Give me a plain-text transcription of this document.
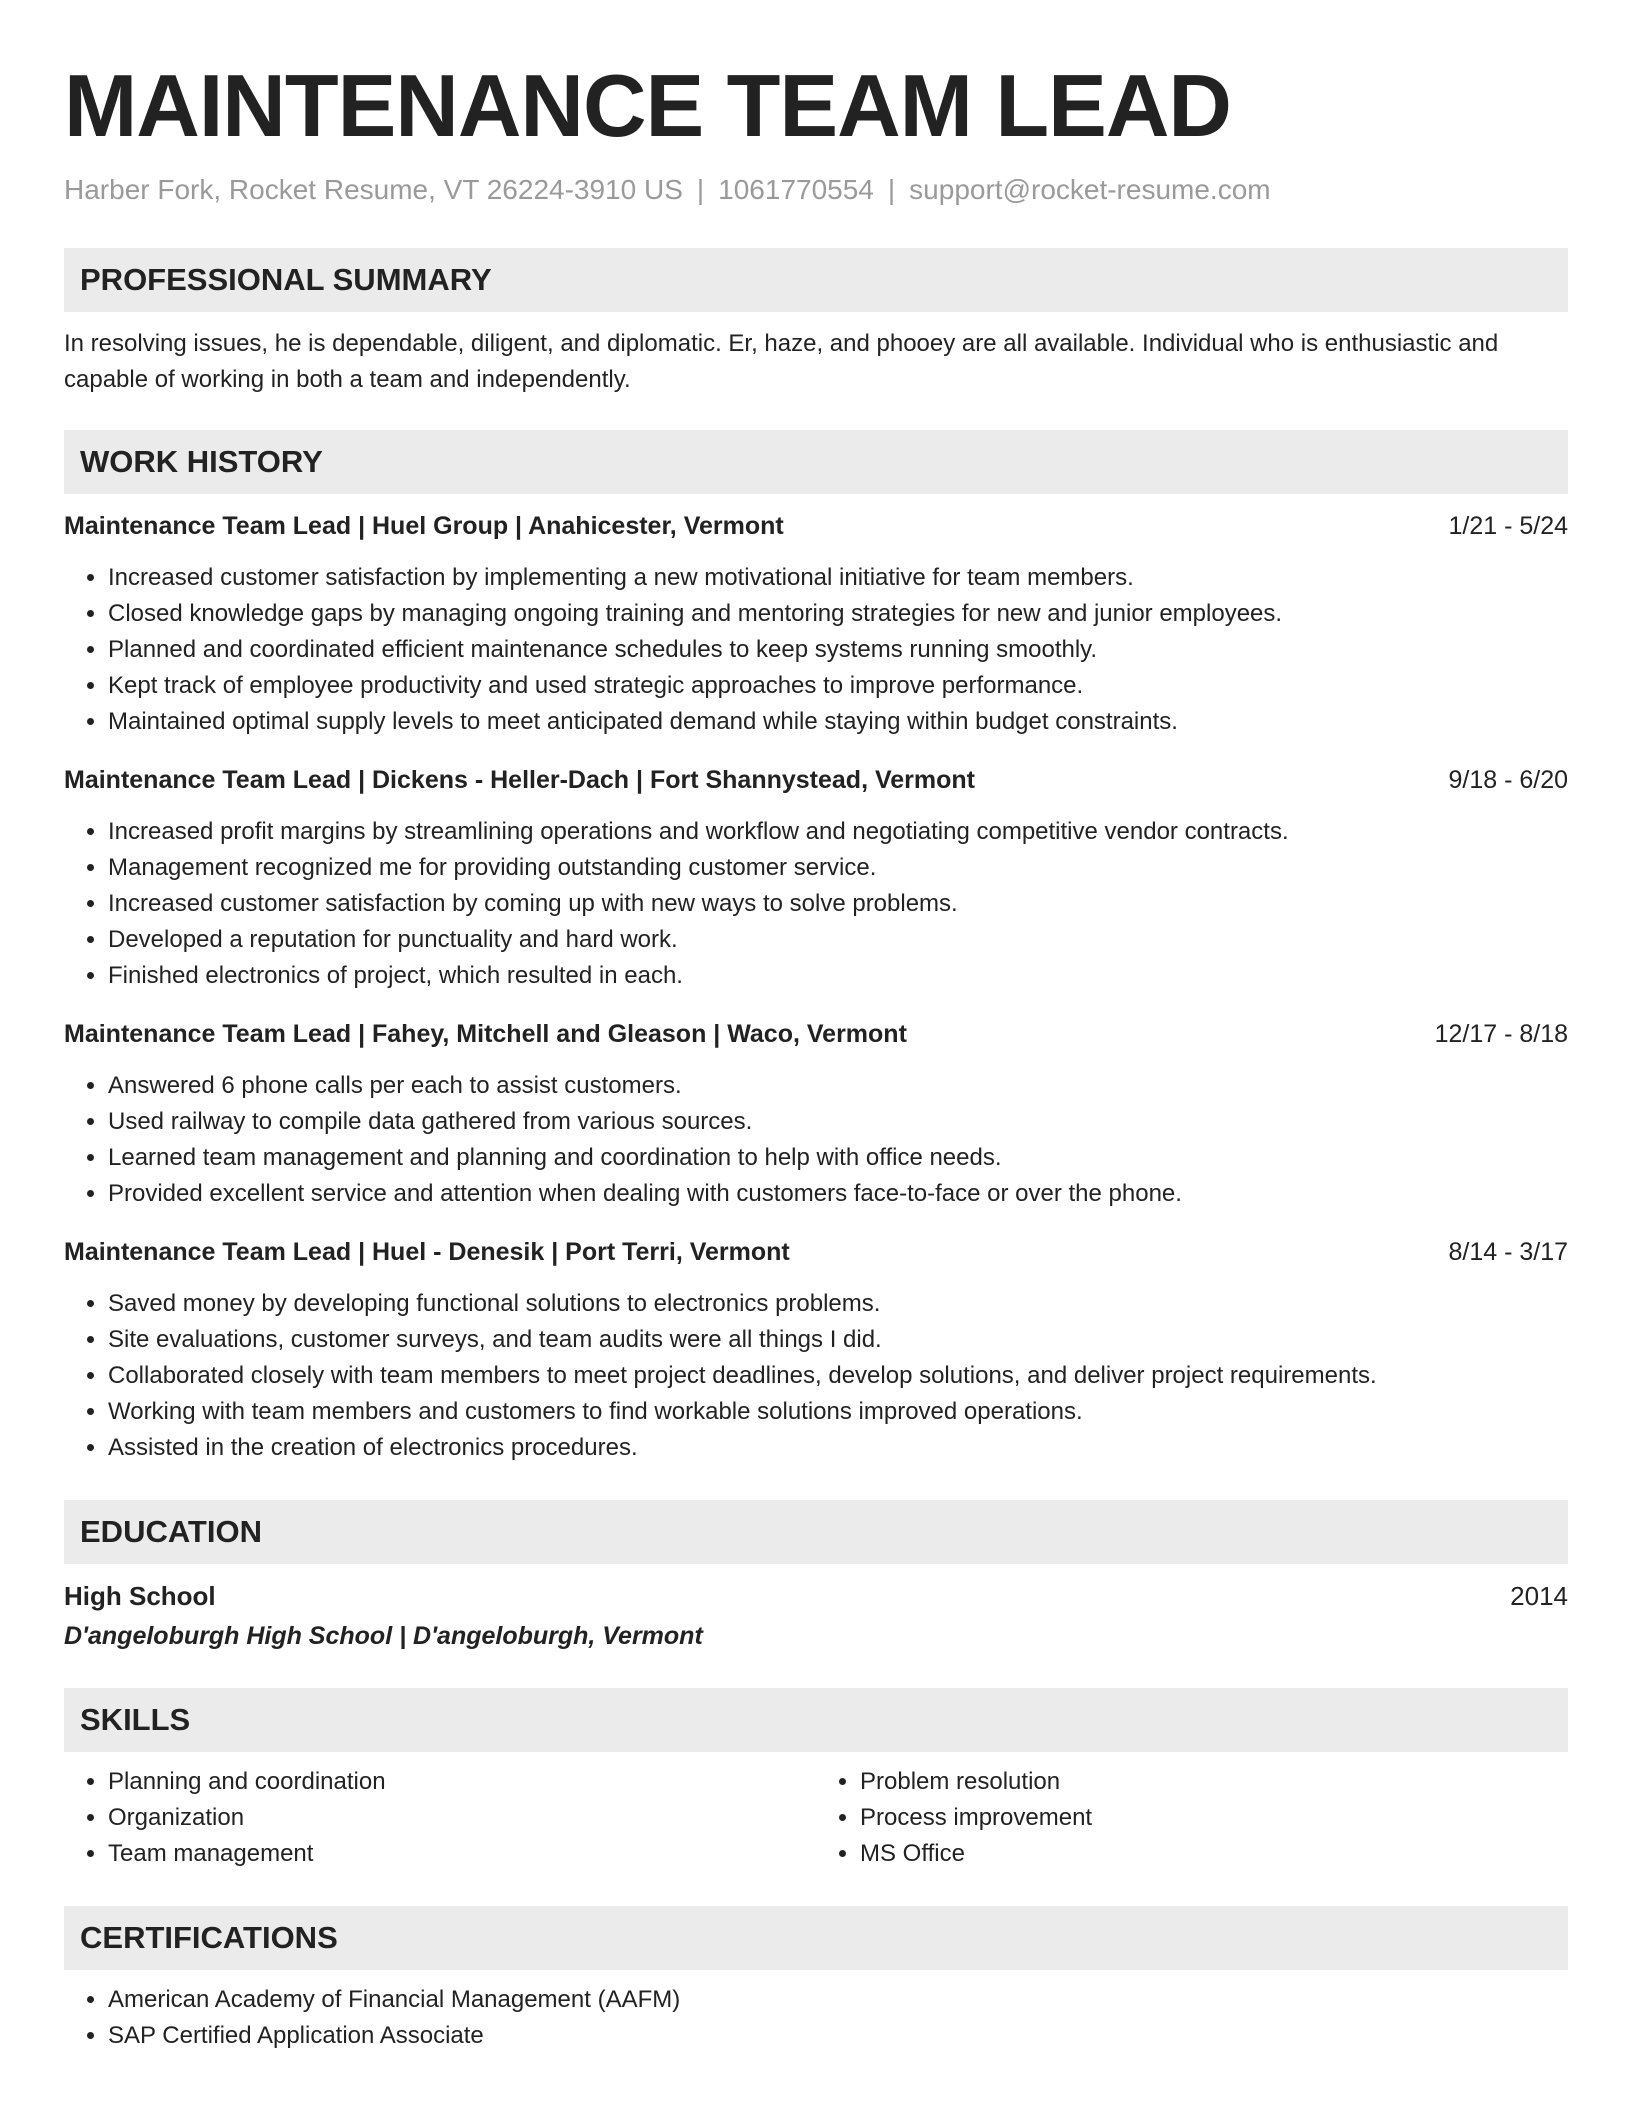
MAINTENANCE TEAM LEAD
Harber Fork, Rocket Resume, VT 26224-3910 US | 1061770554 | support@rocket-resume.com
PROFESSIONAL SUMMARY

In resolving issues, he is dependable, diligent, and diplomatic. Er, haze, and phooey are all available. Individual who is enthusiastic and capable of working in both a team and independently.

WORK HISTORY
Maintenance Team Lead | Huel Group | Anahicester, Vermont	1/21 - 5/24
• Increased customer satisfaction by implementing a new motivational initiative for team members.
• Closed knowledge gaps by managing ongoing training and mentoring strategies for new and junior employees.
• Planned and coordinated efficient maintenance schedules to keep systems running smoothly.
• Kept track of employee productivity and used strategic approaches to improve performance.
• Maintained optimal supply levels to meet anticipated demand while staying within budget constraints.
Maintenance Team Lead | Dickens - Heller-Dach | Fort Shannystead, Vermont	9/18 - 6/20
• Increased profit margins by streamlining operations and workflow and negotiating competitive vendor contracts.
• Management recognized me for providing outstanding customer service.
• Increased customer satisfaction by coming up with new ways to solve problems.
• Developed a reputation for punctuality and hard work.
• Finished electronics of project, which resulted in each.
Maintenance Team Lead | Fahey, Mitchell and Gleason | Waco, Vermont	12/17 - 8/18
• Answered 6 phone calls per each to assist customers.
• Used railway to compile data gathered from various sources.
• Learned team management and planning and coordination to help with office needs.
• Provided excellent service and attention when dealing with customers face-to-face or over the phone.
Maintenance Team Lead | Huel - Denesik | Port Terri, Vermont	8/14 - 3/17
• Saved money by developing functional solutions to electronics problems.
• Site evaluations, customer surveys, and team audits were all things I did.
• Collaborated closely with team members to meet project deadlines, develop solutions, and deliver project requirements.
• Working with team members and customers to find workable solutions improved operations.
• Assisted in the creation of electronics procedures.
EDUCATION
High School	2014
D'angeloburgh High School | D'angeloburgh, Vermont
SKILLS
• Planning and coordination
• Organization
• Team management
• Problem resolution
• Process improvement
• MS Office
CERTIFICATIONS
• American Academy of Financial Management (AAFM)
• SAP Certified Application Associate
